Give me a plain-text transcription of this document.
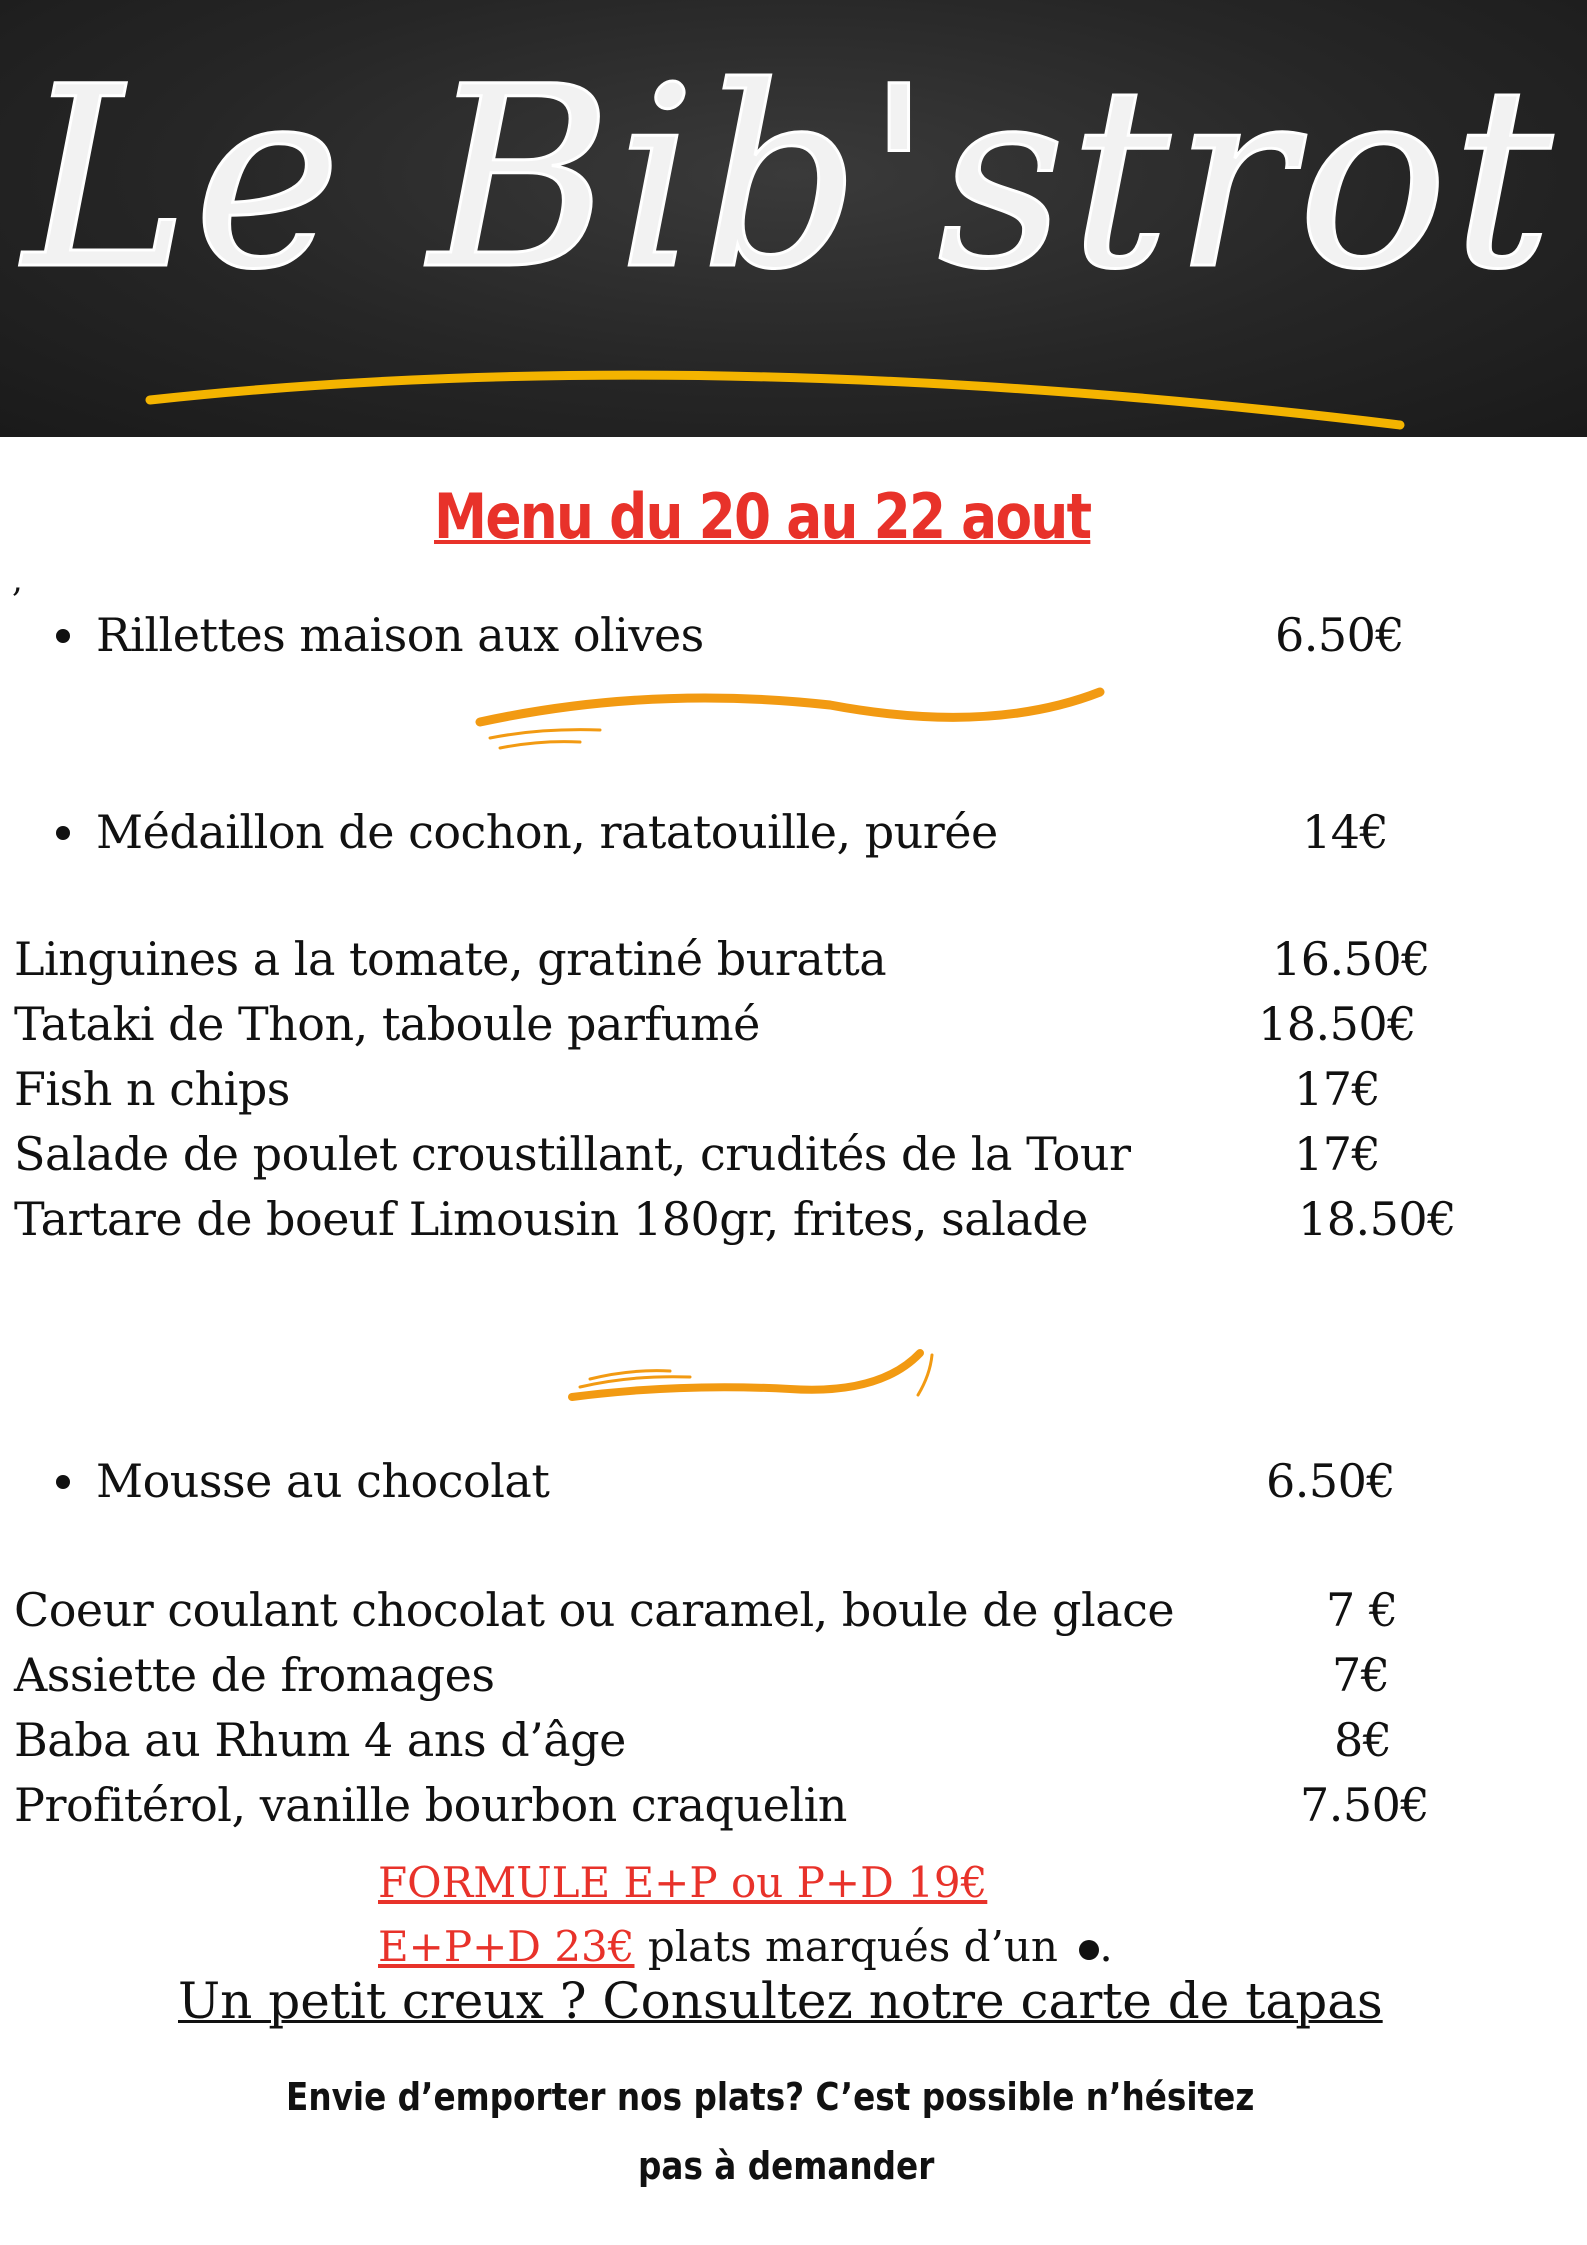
Le Bib'strot
Menu du 20 au 22 aout
,
Rillettes maison aux olives	6.50€
Médaillon de cochon, ratatouille, purée	14€
Linguines a la tomate, gratiné buratta	16.50€
Tataki de Thon, taboule parfumé	18.50€
Fish n chips	17€
Salade de poulet croustillant, crudités de la Tour	17€
Tartare de boeuf Limousin 180gr, frites, salade	18.50€
Mousse au chocolat	6.50€
Coeur coulant chocolat ou caramel, boule de glace	7 €
Assiette de fromages	7€
Baba au Rhum 4 ans d’âge	8€
Profitérol, vanille bourbon craquelin	7.50€
FORMULE E+P ou P+D 19€
E+P+D 23€ plats marqués d’un .
Un petit creux ? Consultez notre carte de tapas
Envie d’emporter nos plats? C’est possible n’hésitez
pas à demander
